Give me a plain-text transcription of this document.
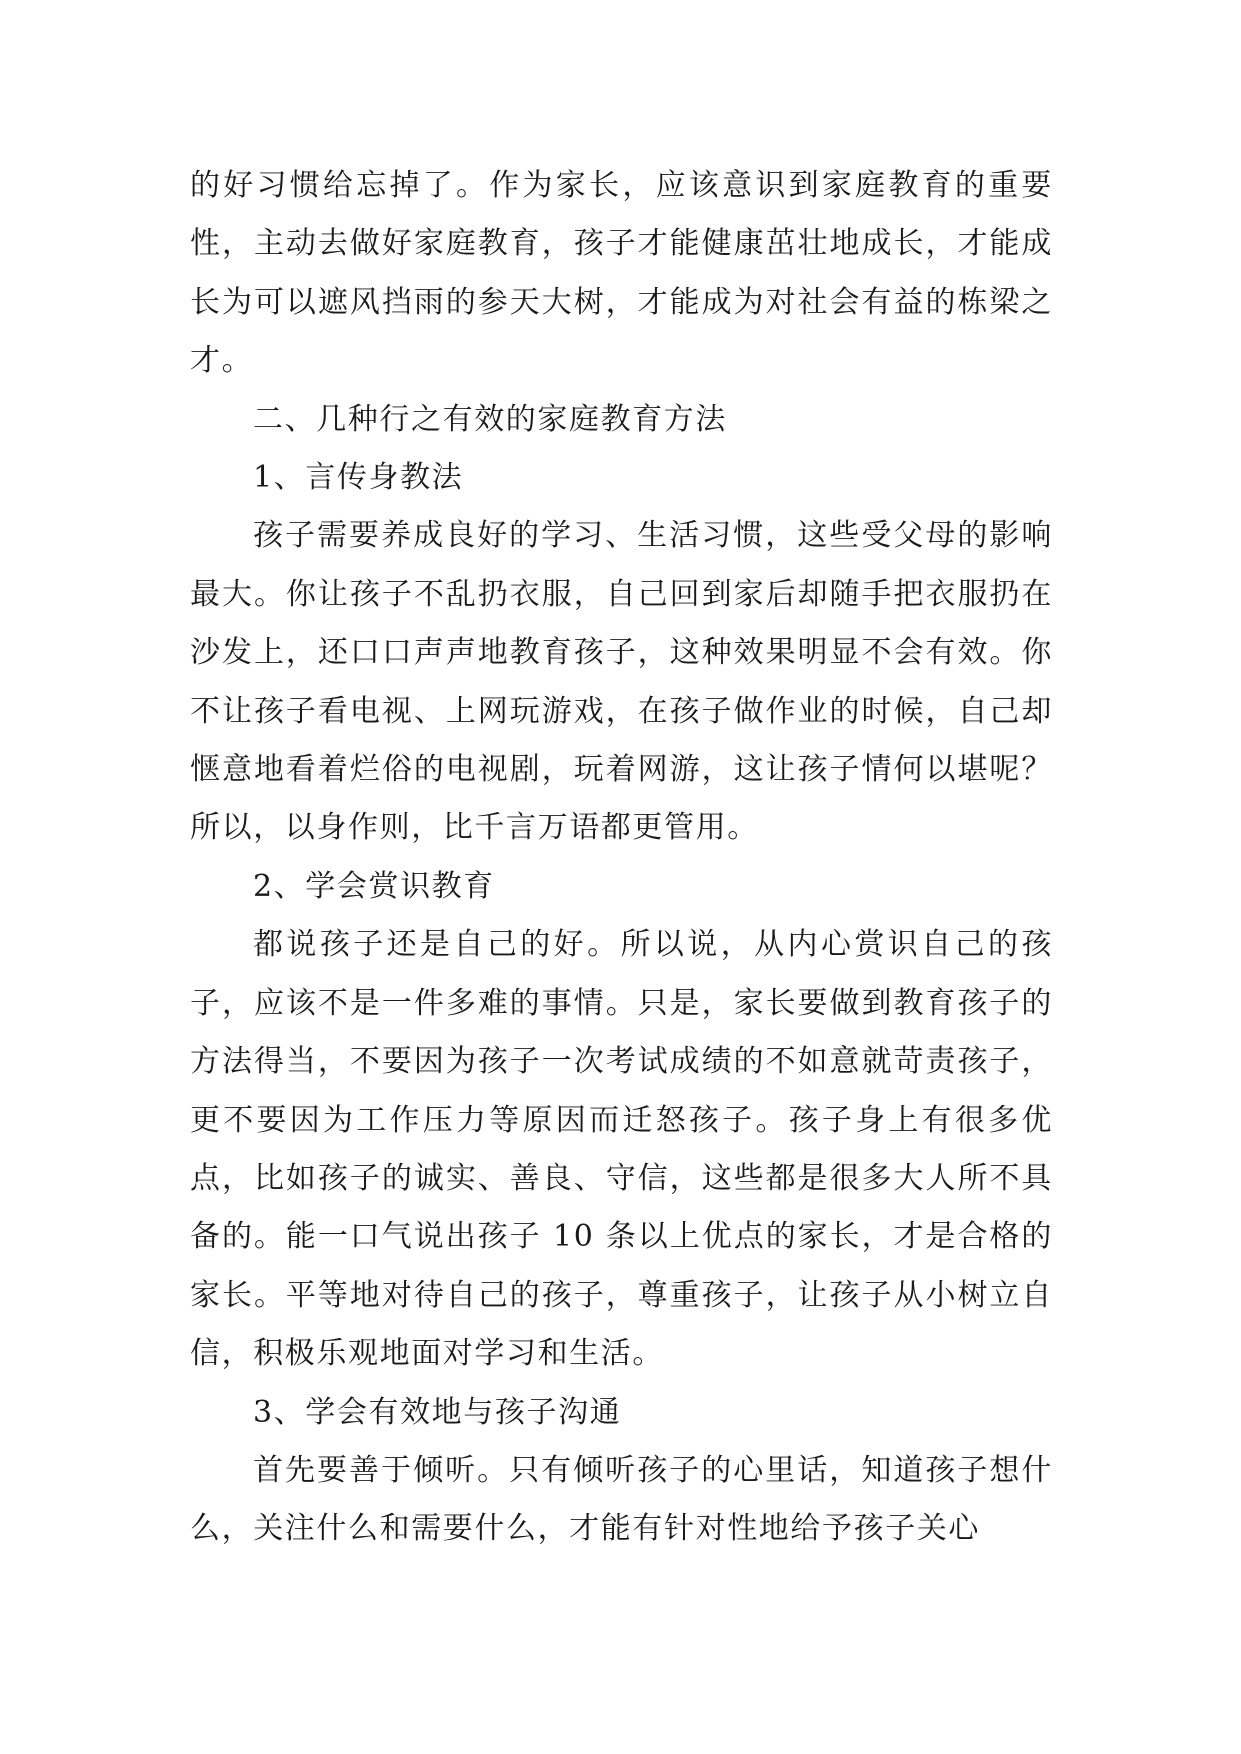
的好习惯给忘掉了。作为家长，应该意识到家庭教育的重要性，主动去做好家庭教育，孩子才能健康茁壮地成长，才能成长为可以遮风挡雨的参天大树，才能成为对社会有益的栋梁之才。

二、几种行之有效的家庭教育方法

1、言传身教法

孩子需要养成良好的学习、生活习惯，这些受父母的影响最大。你让孩子不乱扔衣服，自己回到家后却随手把衣服扔在沙发上，还口口声声地教育孩子，这种效果明显不会有效。你不让孩子看电视、上网玩游戏，在孩子做作业的时候，自己却惬意地看着烂俗的电视剧，玩着网游，这让孩子情何以堪呢？所以，以身作则，比千言万语都更管用。

2、学会赏识教育

都说孩子还是自己的好。所以说，从内心赏识自己的孩子，应该不是一件多难的事情。只是，家长要做到教育孩子的方法得当，不要因为孩子一次考试成绩的不如意就苛责孩子，更不要因为工作压力等原因而迁怒孩子。孩子身上有很多优点，比如孩子的诚实、善良、守信，这些都是很多大人所不具备的。能一口气说出孩子 10 条以上优点的家长，才是合格的家长。平等地对待自己的孩子，尊重孩子，让孩子从小树立自信，积极乐观地面对学习和生活。

3、学会有效地与孩子沟通

首先要善于倾听。只有倾听孩子的心里话，知道孩子想什么，关注什么和需要什么，才能有针对性地给予孩子关心
